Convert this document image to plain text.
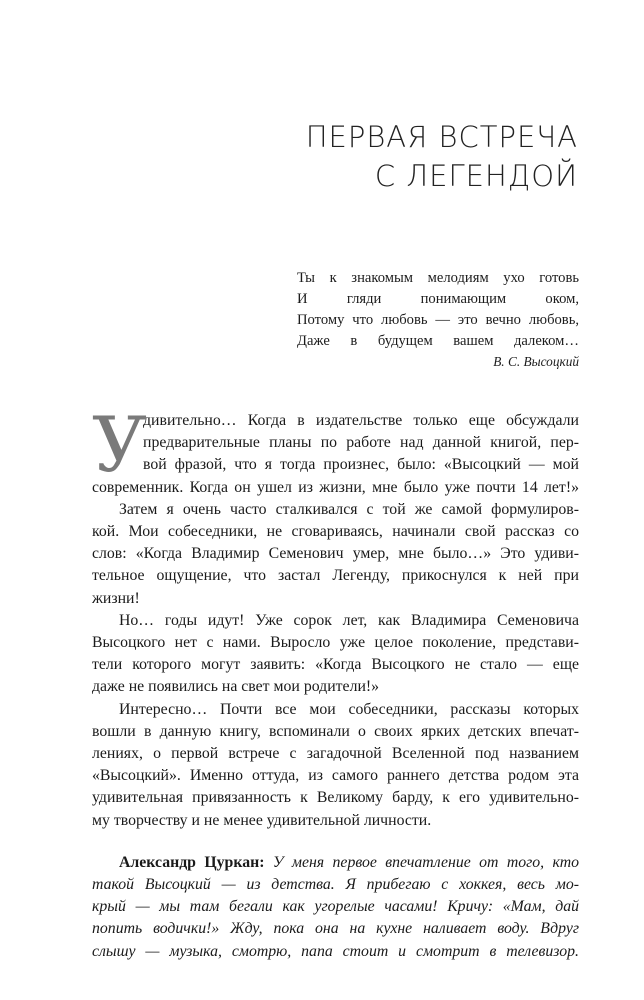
ПЕРВАЯ ВСТРЕЧА
С ЛЕГЕНДОЙ
Ты к знакомым мелодиям ухо готовь
И гляди понимающим оком,
Потому что любовь — это вечно любовь,
Даже в будущем вашем далеком…
В. С. Высоцкий
У
дивительно… Когда в издательстве только еще обсуждали
предварительные планы по работе над данной книгой, пер-
вой фразой, что я тогда произнес, было: «Высоцкий — мой
современник. Когда он ушел из жизни, мне было уже почти 14 лет!»
Затем я очень часто сталкивался с той же самой формулиров-
кой. Мои собеседники, не сговариваясь, начинали свой рассказ со
слов: «Когда Владимир Семенович умер, мне было…» Это удиви-
тельное ощущение, что застал Легенду, прикоснулся к ней при
жизни!
Но… годы идут! Уже сорок лет, как Владимира Семеновича
Высоцкого нет с нами. Выросло уже целое поколение, представи-
тели которого могут заявить: «Когда Высоцкого не стало — еще
даже не появились на свет мои родители!»
Интересно… Почти все мои собеседники, рассказы которых
вошли в данную книгу, вспоминали о своих ярких детских впечат-
лениях, о первой встрече с загадочной Вселенной под названием
«Высоцкий». Именно оттуда, из самого раннего детства родом эта
удивительная привязанность к Великому барду, к его удивительно-
му творчеству и не менее удивительной личности.
Александр Цуркан: У меня первое впечатление от того, кто
такой Высоцкий — из детства. Я прибегаю с хоккея, весь мо-
крый — мы там бегали как угорелые часами! Кричу: «Мам, дай
попить водички!» Жду, пока она на кухне наливает воду. Вдруг
слышу — музыка, смотрю, папа стоит и смотрит в телевизор.
